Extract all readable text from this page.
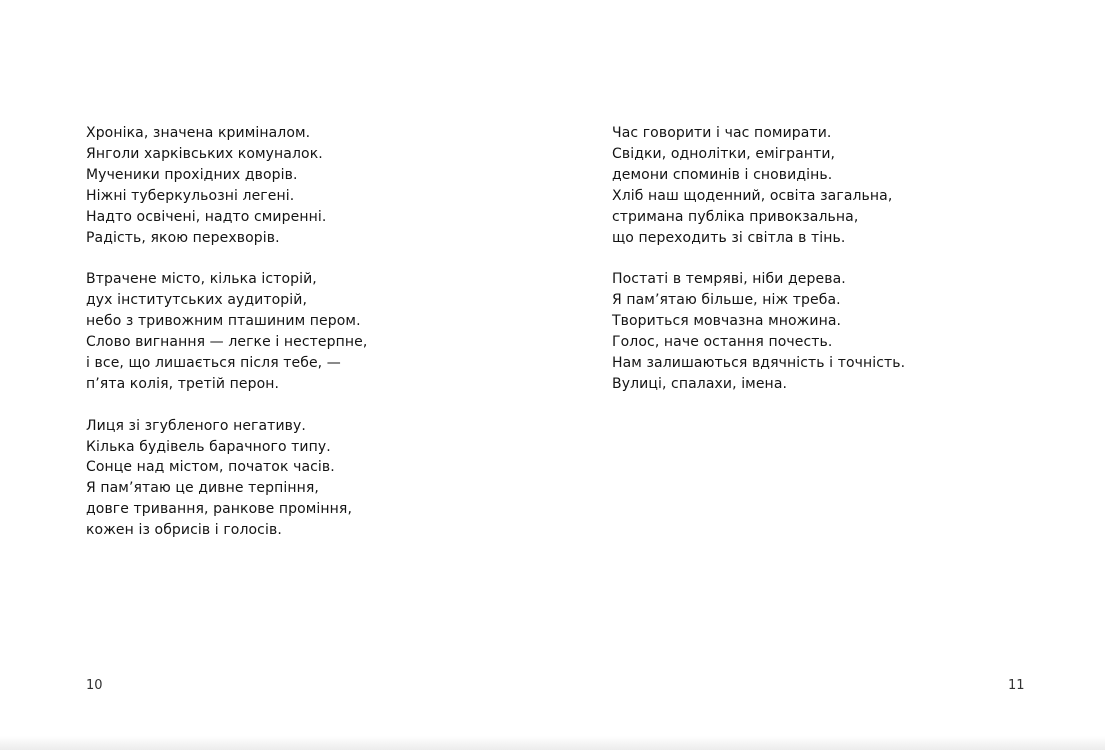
Хроніка, значена кримінaлом.
Янголи харківських комуналок.
Мученики прохідних дворів.
Ніжні туберкульозні легені.
Надто освічені, надто смиренні.
Радість, якою перехворів.
Втрачене місто, кілька історій,
дух інститутських аудиторій,
небо з тривожним пташиним пером.
Слово вигнання — легке і нестерпне,
і все, що лишається після тебе, —
п’ята колія, третій перон.
Лиця зі згубленого негативу.
Кілька будівель барачного типу.
Сонце над містом, початок часів.
Я пам’ятаю це дивне терпіння,
довге тривання, ранкове проміння,
кожен із обрисів і голосів.
10
Час говорити і час помирати.
Свідки, однолітки, емігранти,
демони споминів і сновидінь.
Хліб наш щоденний, освіта загальна,
стримана публіка привокзальна,
що переходить зі світла в тінь.
Постаті в темряві, ніби дерева.
Я пам’ятаю більше, ніж треба.
Твориться мовчазна множина.
Голос, наче остання почесть.
Нам залишаються вдячність і точність.
Вулиці, спалахи, імена.
11
